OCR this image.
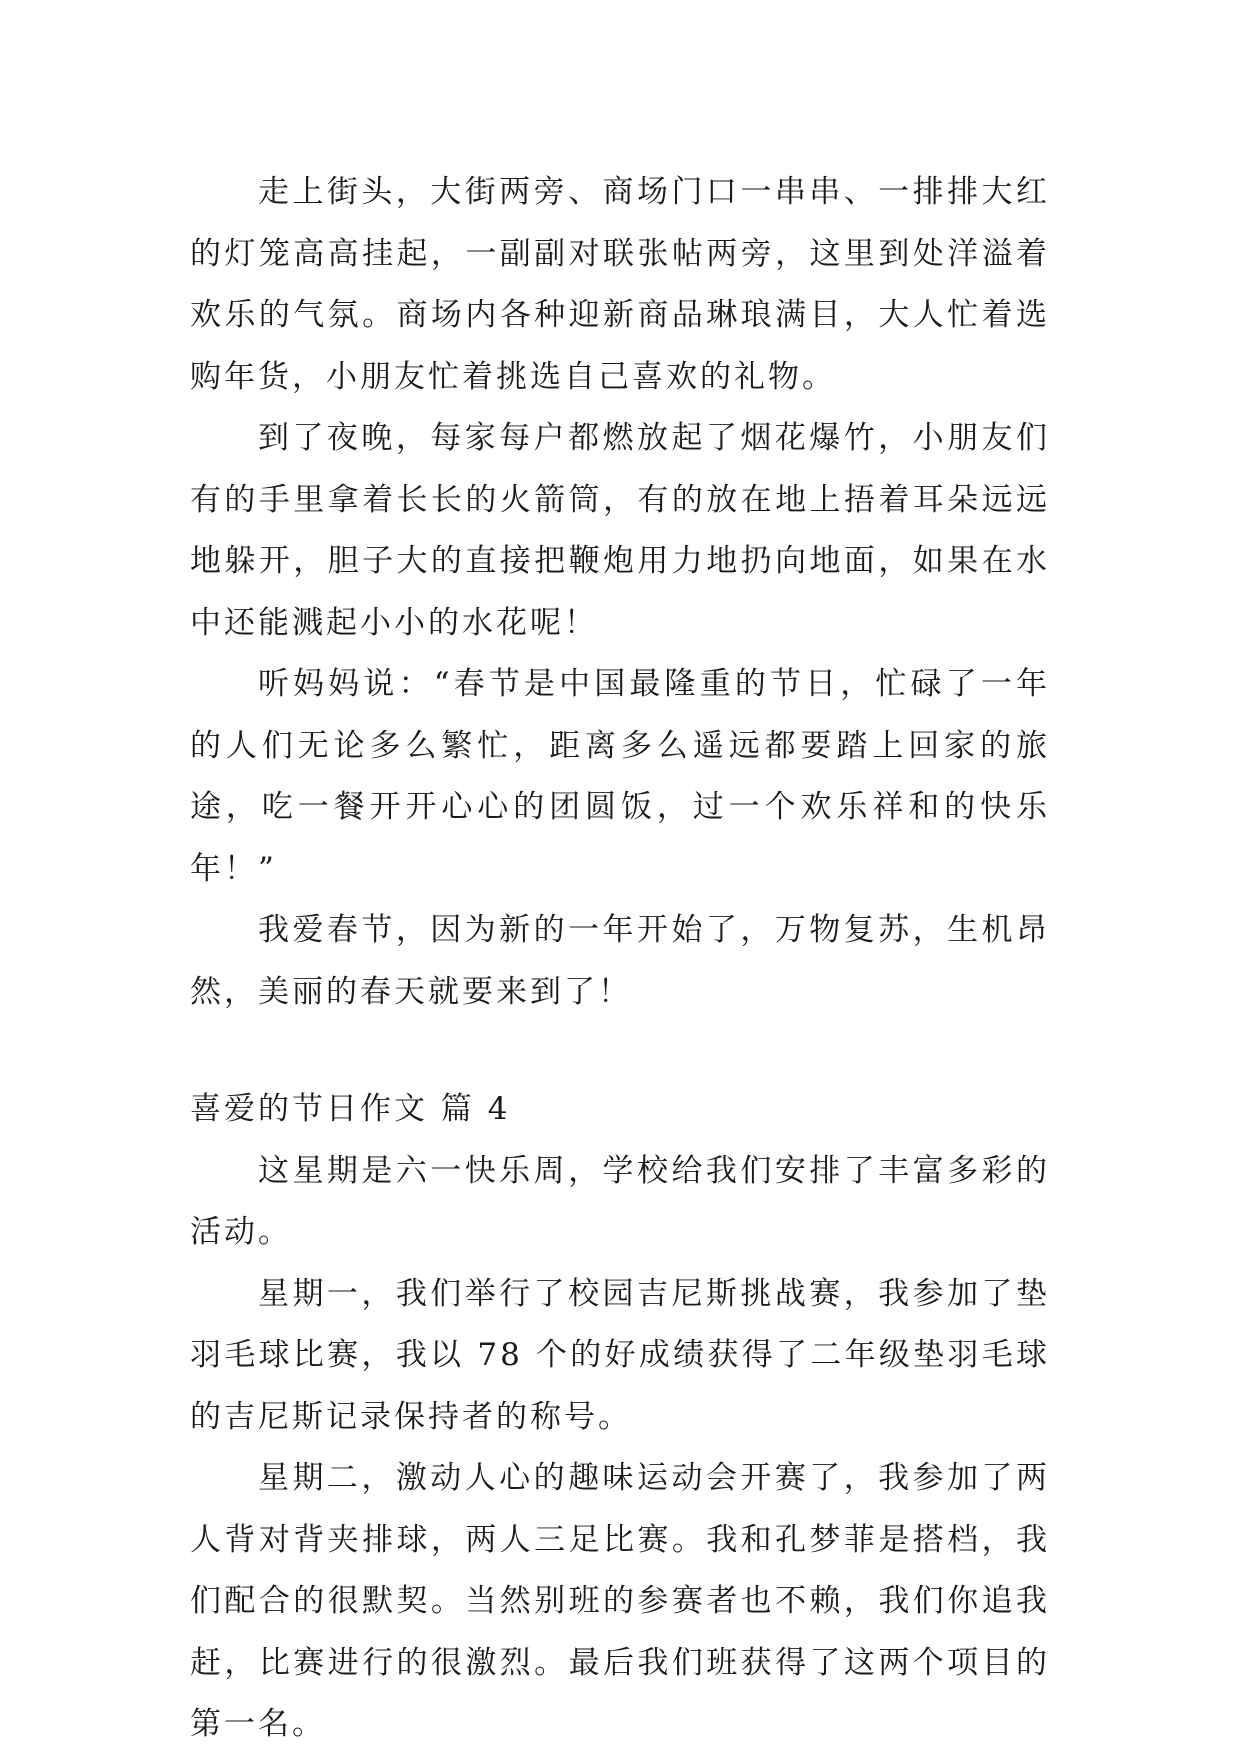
走上街头，大街两旁、商场门口一串串、一排排大红的灯笼高高挂起，一副副对联张帖两旁，这里到处洋溢着欢乐的气氛。商场内各种迎新商品琳琅满目，大人忙着选购年货，小朋友忙着挑选自己喜欢的礼物。

到了夜晚，每家每户都燃放起了烟花爆竹，小朋友们有的手里拿着长长的火箭筒，有的放在地上捂着耳朵远远地躲开，胆子大的直接把鞭炮用力地扔向地面，如果在水中还能溅起小小的水花呢！

听妈妈说：“春节是中国最隆重的节日，忙碌了一年的人们无论多么繁忙，距离多么遥远都要踏上回家的旅途，吃一餐开开心心的团圆饭，过一个欢乐祥和的快乐年！”

我爱春节，因为新的一年开始了，万物复苏，生机昂然，美丽的春天就要来到了！

喜爱的节日作文 篇 4

这星期是六一快乐周，学校给我们安排了丰富多彩的活动。

星期一，我们举行了校园吉尼斯挑战赛，我参加了垫羽毛球比赛，我以 78 个的好成绩获得了二年级垫羽毛球的吉尼斯记录保持者的称号。

星期二，激动人心的趣味运动会开赛了，我参加了两人背对背夹排球，两人三足比赛。我和孔梦菲是搭档，我们配合的很默契。当然别班的参赛者也不赖，我们你追我赶，比赛进行的很激烈。最后我们班获得了这两个项目的第一名。
